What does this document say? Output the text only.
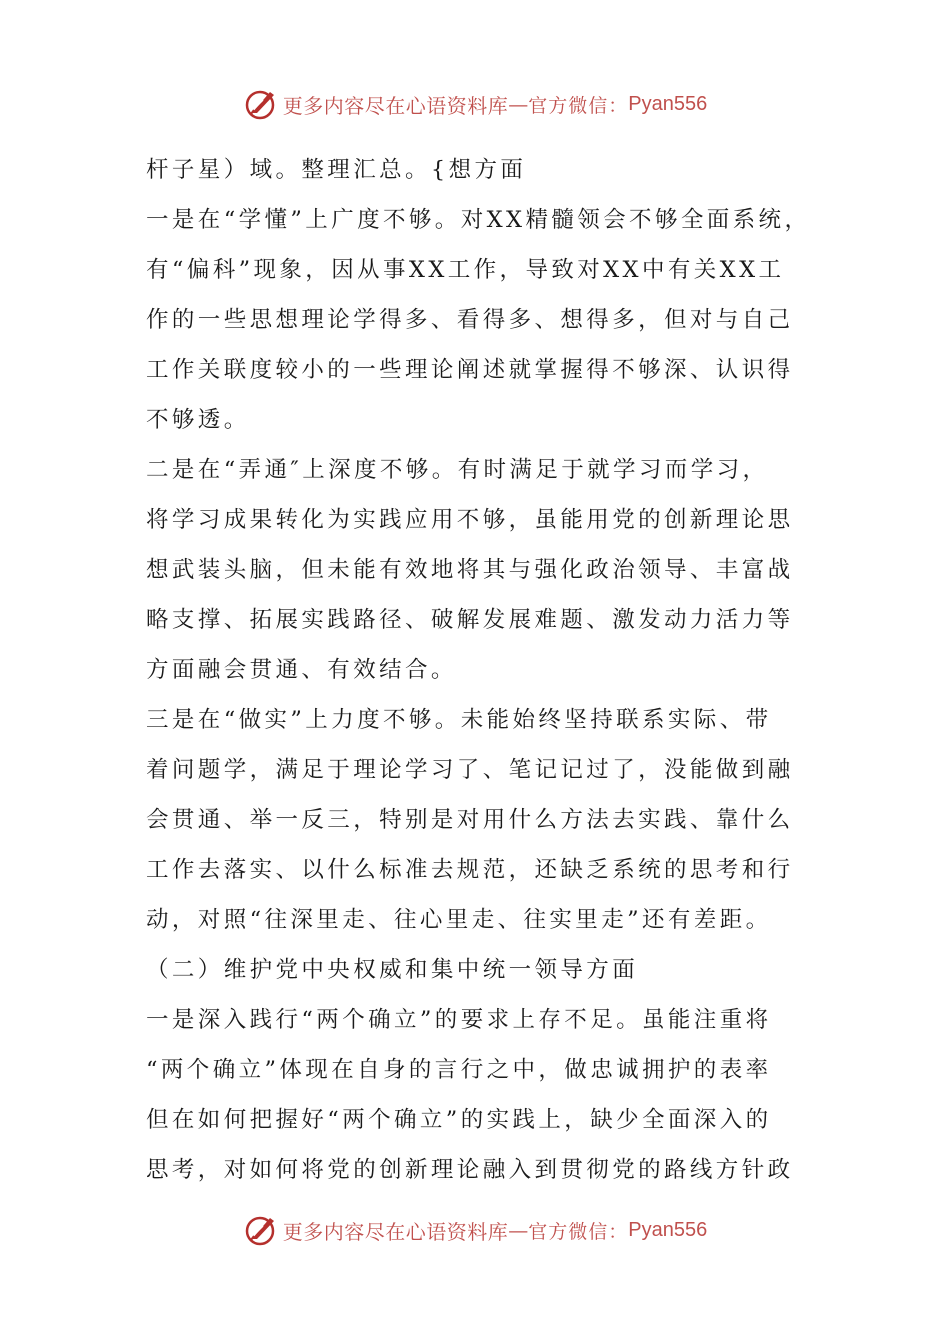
更多内容尽在心语资料库 — 官方微信： Pyan556
杆子星）域。整理汇总。{想方面
一是在“学懂”上广度不够。对XX精髓领会不够全面系统，
有“偏科”现象，因从事XX工作，导致对XX中有关XX工
作的一些思想理论学得多、看得多、想得多，但对与自己
工作关联度较小的一些理论阐述就掌握得不够深、认识得
不够透。
二是在“弄通″上深度不够。有时满足于就学习而学习，
将学习成果转化为实践应用不够，虽能用党的创新理论思
想武装头脑，但未能有效地将其与强化政治领导、丰富战
略支撑、拓展实践路径、破解发展难题、激发动力活力等
方面融会贯通、有效结合。
三是在“做实”上力度不够。未能始终坚持联系实际、带
着问题学，满足于理论学习了、笔记记过了，没能做到融
会贯通、举一反三，特别是对用什么方法去实践、靠什么
工作去落实、以什么标准去规范，还缺乏系统的思考和行
动，对照“往深里走、往心里走、往实里走”还有差距。
（二）维护党中央权威和集中统一领导方面
一是深入践行“两个确立”的要求上存不足。虽能注重将
“两个确立”体现在自身的言行之中，做忠诚拥护的表率
但在如何把握好“两个确立”的实践上，缺少全面深入的
思考，对如何将党的创新理论融入到贯彻党的路线方针政
更多内容尽在心语资料库 — 官方微信： Pyan556
